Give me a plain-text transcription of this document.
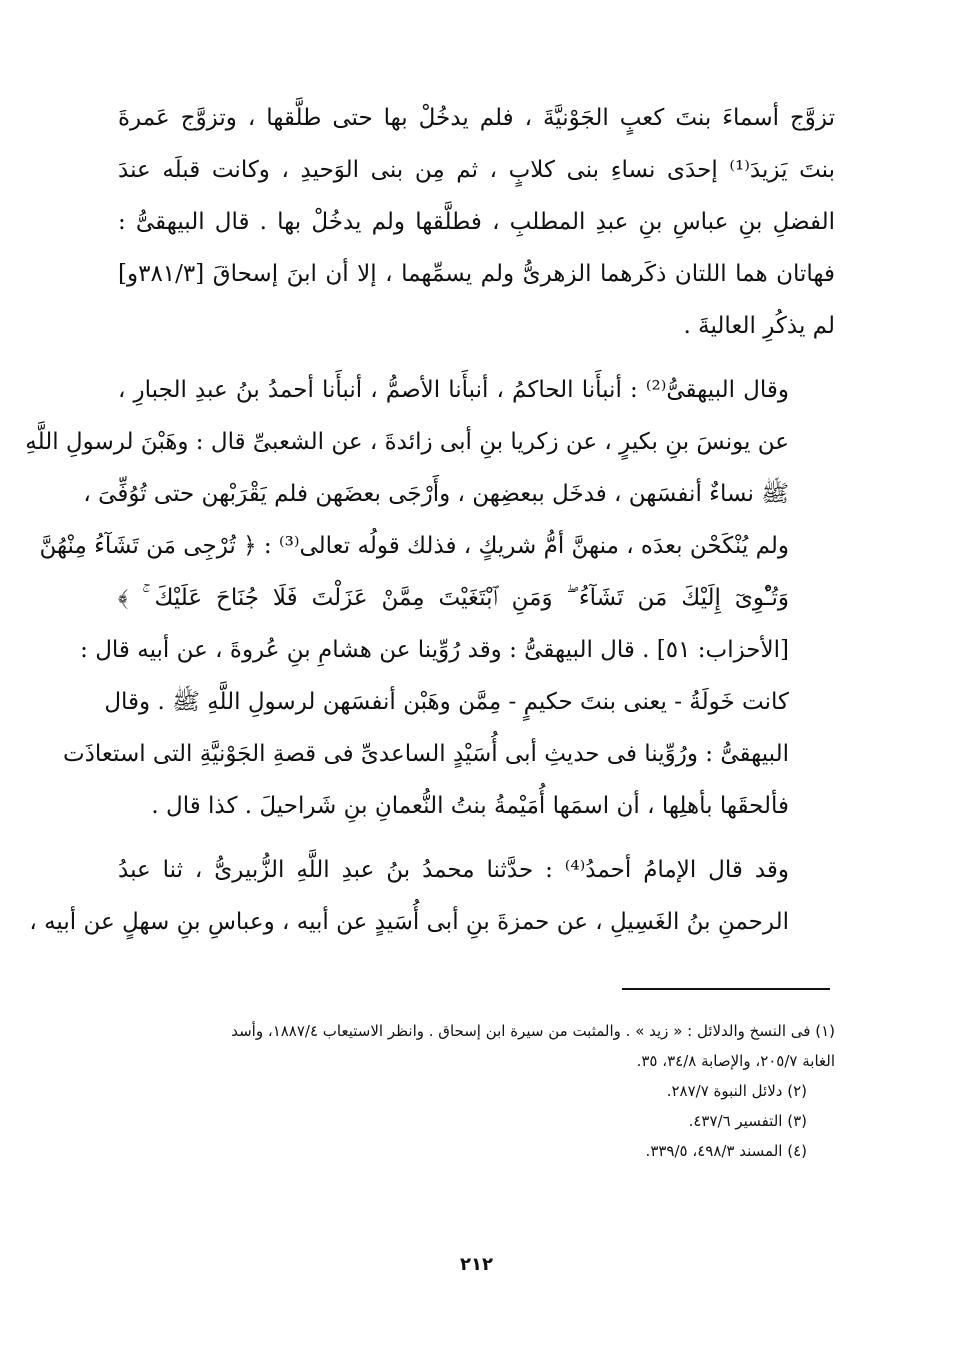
تزوَّج أسماءَ بنتَ كعبٍ الجَوْنيَّةَ ، فلم يدخُلْ بها حتى طلَّقها ، وتزوَّج عَمرةَ
بنتَ يَزيدَ⁽¹⁾ إحدَى نساءِ بنى كلابٍ ، ثم مِن بنى الوَحيدِ ، وكانت قبلَه عندَ
الفضلِ بنِ عباسِ بنِ عبدِ المطلبِ ، فطلَّقها ولم يدخُلْ بها . قال البيهقىُّ :
فهاتان هما اللتان ذكَرهما الزهرىُّ ولم يسمِّهما ، إلا أن ابنَ إسحاقَ [٣٨١/٣و]
لم يذكُرِ العاليةَ .
وقال البيهقىُّ⁽²⁾ : أنبأَنا الحاكمُ ، أنبأَنا الأصمُّ ، أنبأَنا أحمدُ بنُ عبدِ الجبارِ ،
عن يونسَ بنِ بكيرٍ ، عن زكريا بنِ أبى زائدةَ ، عن الشعبىِّ قال : وهَبْنَ لرسولِ اللَّهِ
ﷺ نساءٌ أنفسَهن ، فدخَل ببعضِهن ، وأَرْجَى بعضَهن فلم يَقْرَبْهن حتى تُوُفِّىَ ،
ولم يُنْكَحْن بعدَه ، منهنَّ أمُّ شريكٍ ، فذلك قولُه تعالى⁽³⁾ : ﴿ تُرْجِى مَن تَشَآءُ مِنْهُنَّ
وَتُـْٔوِىٓ إِلَيْكَ مَن تَشَآءُ ۖ وَمَنِ ٱبْتَغَيْتَ مِمَّنْ عَزَلْتَ فَلَا جُنَاحَ عَلَيْكَ ۚ ﴾
[الأحزاب: ٥١] . قال البيهقىُّ : وقد رُوِّينا عن هشامِ بنِ عُروةَ ، عن أبيه قال :
كانت خَولَةُ - يعنى بنتَ حكيمٍ - مِمَّن وهَبْن أنفسَهن لرسولِ اللَّهِ ﷺ . وقال
البيهقىُّ : ورُوِّينا فى حديثِ أبى أُسَيْدٍ الساعدىِّ فى قصةِ الجَوْنيَّةِ التى استعاذَت
فألحقَها بأهلِها ، أن اسمَها أُمَيْمةُ بنتُ النُّعمانِ بنِ شَراحيلَ . كذا قال .
وقد قال الإمامُ أحمدُ⁽⁴⁾ : حدَّثنا محمدُ بنُ عبدِ اللَّهِ الزُّبيرىُّ ، ثنا عبدُ
الرحمنِ بنُ الغَسِيلِ ، عن حمزةَ بنِ أبى أُسَيدٍ عن أبيه ، وعباسِ بنِ سهلٍ عن أبيه ،
(١) فى النسخ والدلائل : « زيد » . والمثبت من سيرة ابن إسحاق . وانظر الاستيعاب ١٨٨٧/٤، وأسد
الغابة ٢٠٥/٧، والإصابة ٣٤/٨، ٣٥.
(٢) دلائل النبوة ٢٨٧/٧.
(٣) التفسير ٤٣٧/٦.
(٤) المسند ٤٩٨/٣، ٣٣٩/٥.
٢١٢
